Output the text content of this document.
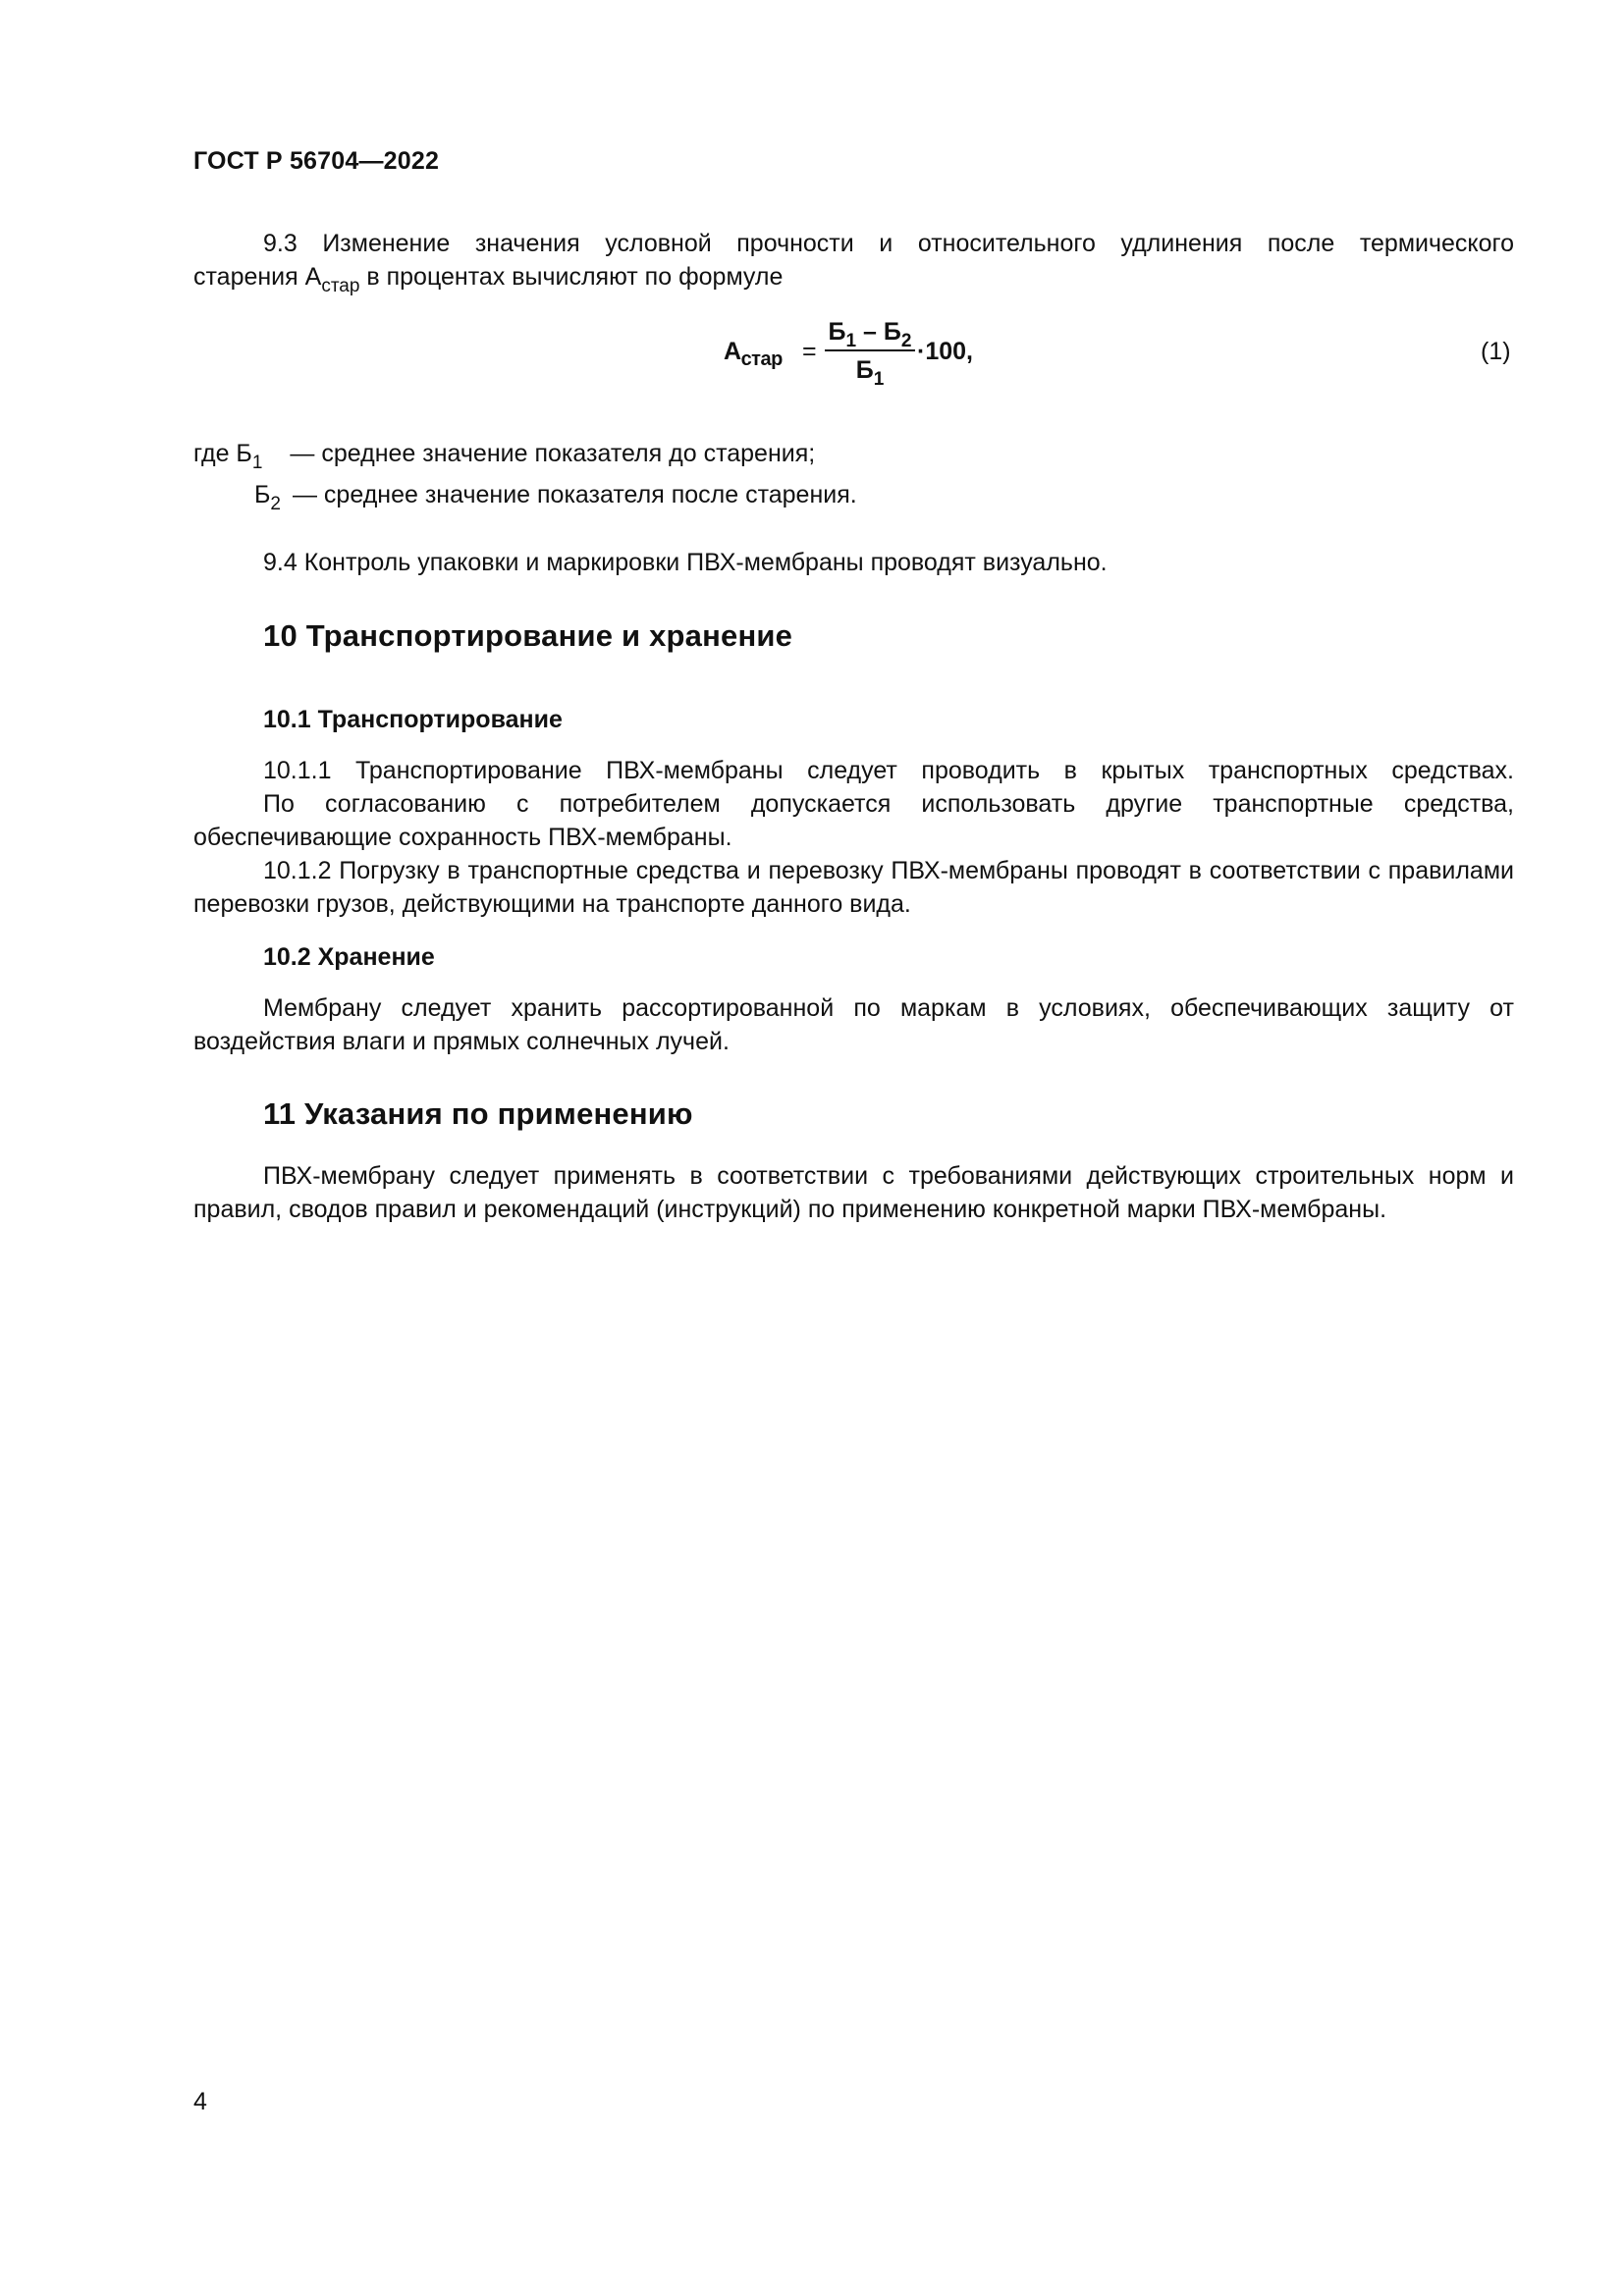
ГОСТ Р 56704—2022

9.3 Изменение значения условной прочности и относительного удлинения после термического

старения $А_{стар}$ в процентах вычисляют по формуле

$А_{стар}$ =
$Б_1 - Б_2$
$Б_1$
·100,	(1)
где $Б_1$ — среднее значение показателя до старения;
$Б_2$ — среднее значение показателя после старения.
9.4 Контроль упаковки и маркировки ПВХ-мембраны проводят визуально.
10 Транспортирование и хранение
10.1 Транспортирование
10.1.1 Транспортирование ПВХ-мембраны следует проводить в крытых транспортных средствах.
По согласованию с потребителем допускается использовать другие транспортные средства, обеспечивающие сохранность ПВХ-мембраны.
10.1.2 Погрузку в транспортные средства и перевозку ПВХ-мембраны проводят в соответствии с правилами перевозки грузов, действующими на транспорте данного вида.
10.2 Хранение
Мембрану следует хранить рассортированной по маркам в условиях, обеспечивающих защиту от воздействия влаги и прямых солнечных лучей.
11 Указания по применению
ПВХ-мембрану следует применять в соответствии с требованиями действующих строительных норм и правил, сводов правил и рекомендаций (инструкций) по применению конкретной марки ПВХ-мембраны.
4
